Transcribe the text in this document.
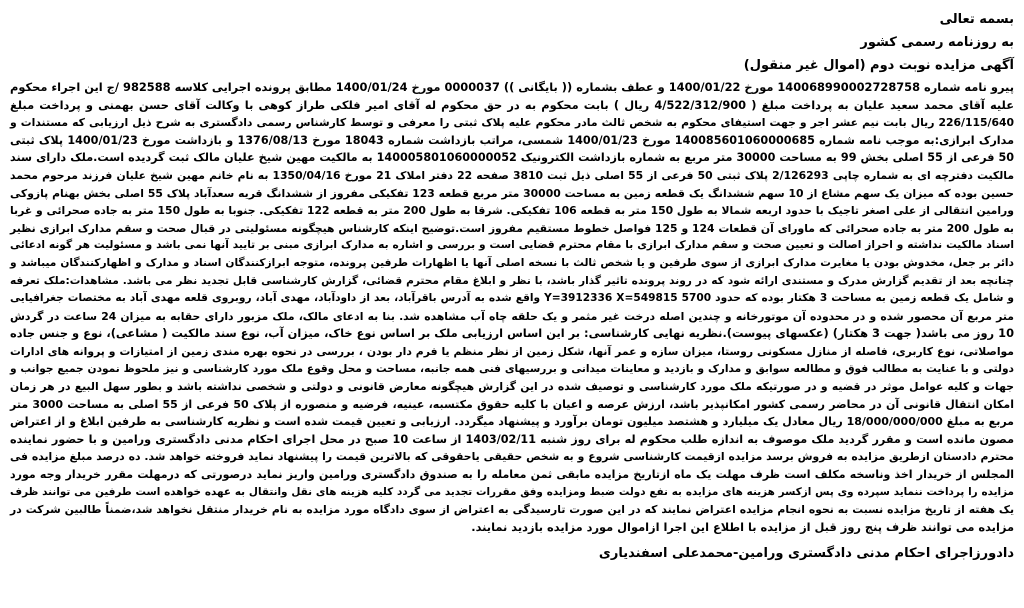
بسمه تعالی

به روزنامه رسمی کشور

آگهی مزایده نوبت دوم (اموال غیر منقول)

پیرو نامه شماره 14006899000272875​8 مورخ 1400/01/22 و عطف بشماره (( بایگانی )) 0000037 مورخ 1400/01/24 مطابق پرونده اجرایی کلاسه 982588 /ج این اجراء محکوم
علیه آقای محمد سعید علیان به پرداخت مبلغ ( 4/522/312/900 ریال ) بابت محکوم به در حق محکوم له آقای امیر فلکی طراز کوهی با وکالت آقای حسن بهمنی و پرداخت مبلغ
226/115/640 ریال بابت نیم عشر اجر و جهت استیفای محکوم به شخص ثالث مادر محکوم علیه پلاک ثبتی را معرفی و توسط کارشناس رسمی دادگستری به شرح ذیل ارزیابی که مستندات و
مدارک ابرازی:به موجب نامه شماره 1400856010600006​85 مورخ 1400/01/23 شمسی، مراتب بازداشت شماره 18043 مورخ 1376/08/13 و بازداشت مورخ 1400/01/23 پلاک ثبتی
50 فرعی از 55 اصلی بخش 99 به مساحت 30000 متر مربع به شماره بازداشت الکترونیک 1400058010600000​52 به مالکیت مهین شیخ علیان مالک ثبت گردیده است.ملک دارای سند
مالکیت دفترچه ای به شماره چاپی 2/126293 پلاک ثبتی 50 فرعی از 55 اصلی ذیل ثبت 3810 صفحه 22 دفتر املاک 21 مورخ 1350/04/16 به نام خانم مهین شیخ علیان فرزند مرحوم محمد
حسین بوده که میزان یک سهم مشاع از 10 سهم ششدانگ یک قطعه زمین به مساحت 30000 متر مربع قطعه 123 تفکیکی مفروز از ششدانگ قریه سعدآباد پلاک 55 اصلی بخش بهنام پازوکی
ورامین انتقالی از علی اصغر تاجیک با حدود اربعه شمالا به طول 150 متر به قطعه 106 تفکیکی. شرقا به طول 200 متر به قطعه 122 تفکیکی. جنوبا به طول 150 متر به جاده صحرائی و غربا
به طول 200 متر به جاده صحرائی که ماورای آن قطعات 124 و 125 فواصل خطوط مستقیم مفروز است.توضیح اینکه کارشناس هیچگونه مسئولیتی در قبال صحت و سقم مدارک ابرازی نظیر
اسناد مالکیت نداشته و احراز اصالت و تعیین صحت و سقم مدارک ابرازی با مقام محترم قضایی است و بررسی و اشاره به مدارک ابرازی مبنی بر تایید آنها نمی باشد و مسئولیت هر گونه ادعائی
دائر بر جعل، مخدوش بودن یا مغایرت مدارک ابرازی از سوی طرفین و یا شخص ثالث با نسخه اصلی آنها یا اظهارات طرفین پرونده، متوجه ابرازکنندگان اسناد و مدارک و اظهارکنندگان میباشد و
چنانچه بعد از تقدیم گزارش مدرک و مستندی ارائه شود که در روند پرونده تاثیر گذار باشد، با نظر و ابلاغ مقام محترم قضائی، گزارش کارشناسی قابل تجدید نظر می باشد. مشاهدات:ملک تعرفه
و شامل یک قطعه زمین به مساحت 3 هکتار بوده که حدود 5700 Y=3912336 X=549815 واقع شده به آدرس باقرآباد، بعد از داودآباد، مهدی آباد، روبروی قلعه مهدی آباد به مختصات جغرافیایی
متر مربع آن محصور شده و در محدوده آن موتورخانه و چندین اصله درخت غیر مثمر و یک حلقه چاه آب مشاهده شد. بنا به ادعای مالک، ملک مزبور دارای حقابه به میزان 24 ساعت در گردش
10 روز می باشد( جهت 3 هکتار) (عکسهای پیوست).نظریه نهایی کارشناسی: بر این اساس ارزیابی ملک بر اساس نوع خاک، میزان آب، نوع سند مالکیت ( مشاعی)، نوع و جنس جاده
مواصلاتی، نوع کاربری، فاصله از منازل مسکونی روستا، میزان سازه و عمر آنها، شکل زمین از نظر منظم یا فرم دار بودن ، بررسی در نحوه بهره مندی زمین از امتیازات و پروانه های ادارات
دولتی و با عنایت به مطالب فوق و مطالعه سوابق و مدارک و بازدید و معاینات میدانی و بررسیهای فنی همه جانبه، مساحت و محل وقوع ملک مورد کارشناسی و نیز ملحوظ نمودن جمیع جوانب و
جهات و کلیه عوامل موثر در قضیه و در صورتیکه ملک مورد کارشناسی و توصیف شده در این گزارش هیچگونه معارض قانونی و دولتی و شخصی نداشته باشد و بطور سهل البیع در هر زمان
امکان انتقال قانونی آن در محاضر رسمی کشور امکانپذیر باشد، ارزش عرصه و اعیان با کلیه حقوق مکتسبه، عینیه، فرضیه و منصوره از پلاک 50 فرعی از 55 اصلی به مساحت 3000 متر
مربع به مبلغ 18/000/000/000 ریال معادل یک میلیارد و هشتصد میلیون تومان برآورد و پیشنهاد میگردد. ارزیابی و تعیین قیمت شده است و نظریه کارشناسی به طرفین ابلاغ و از اعتراض
مصون مانده است و مقرر گردید ملک موصوف به اندازه طلب محکوم له برای روز شنبه 1403/02/11 از ساعت 10 صبح در محل اجرای احکام مدنی دادگستری ورامین و با حضور نماینده
محترم دادستان ازطریق مزایده به فروش برسد مزایده ازقیمت کارشناسی شروع و به شخص حقیقی یاحقوقی که بالاترین قیمت را پیشنهاد نماید فروخته خواهد شد. ده درصد مبلغ مزایده فی
المجلس از خریدار اخذ وناسخه مکلف است ظرف مهلت یک ماه ازتاریخ مزایده مابقی ثمن معامله را به صندوق دادگستری ورامین واریز نماید درصورتی که درمهلت مقرر خریدار وجه مورد
مزایده را پرداخت ننماید سپرده وی پس ازکسر هزینه های مزایده به نفع دولت ضبط ومزایده وفق مقررات تجدید می گردد کلیه هزینه های نقل وانتقال به عهده خواهده است طرفین می توانند ظرف
یک هفته از تاریخ مزایده نسبت به نحوه انجام مزایده اعتراض نمایند که در این صورت تارسیدگی به اعتراض از سوی دادگاه مورد مزایده به نام خریدار منتقل نخواهد شد،ضمناً طالبین شرکت در
مزایده می توانند ظرف پنج روز قبل از مزایده با اطلاع این اجرا ازاموال مورد مزایده بازدید نمایند.

دادورزاجرای احکام مدنی دادگستری ورامین-محمدعلی اسفندیاری
